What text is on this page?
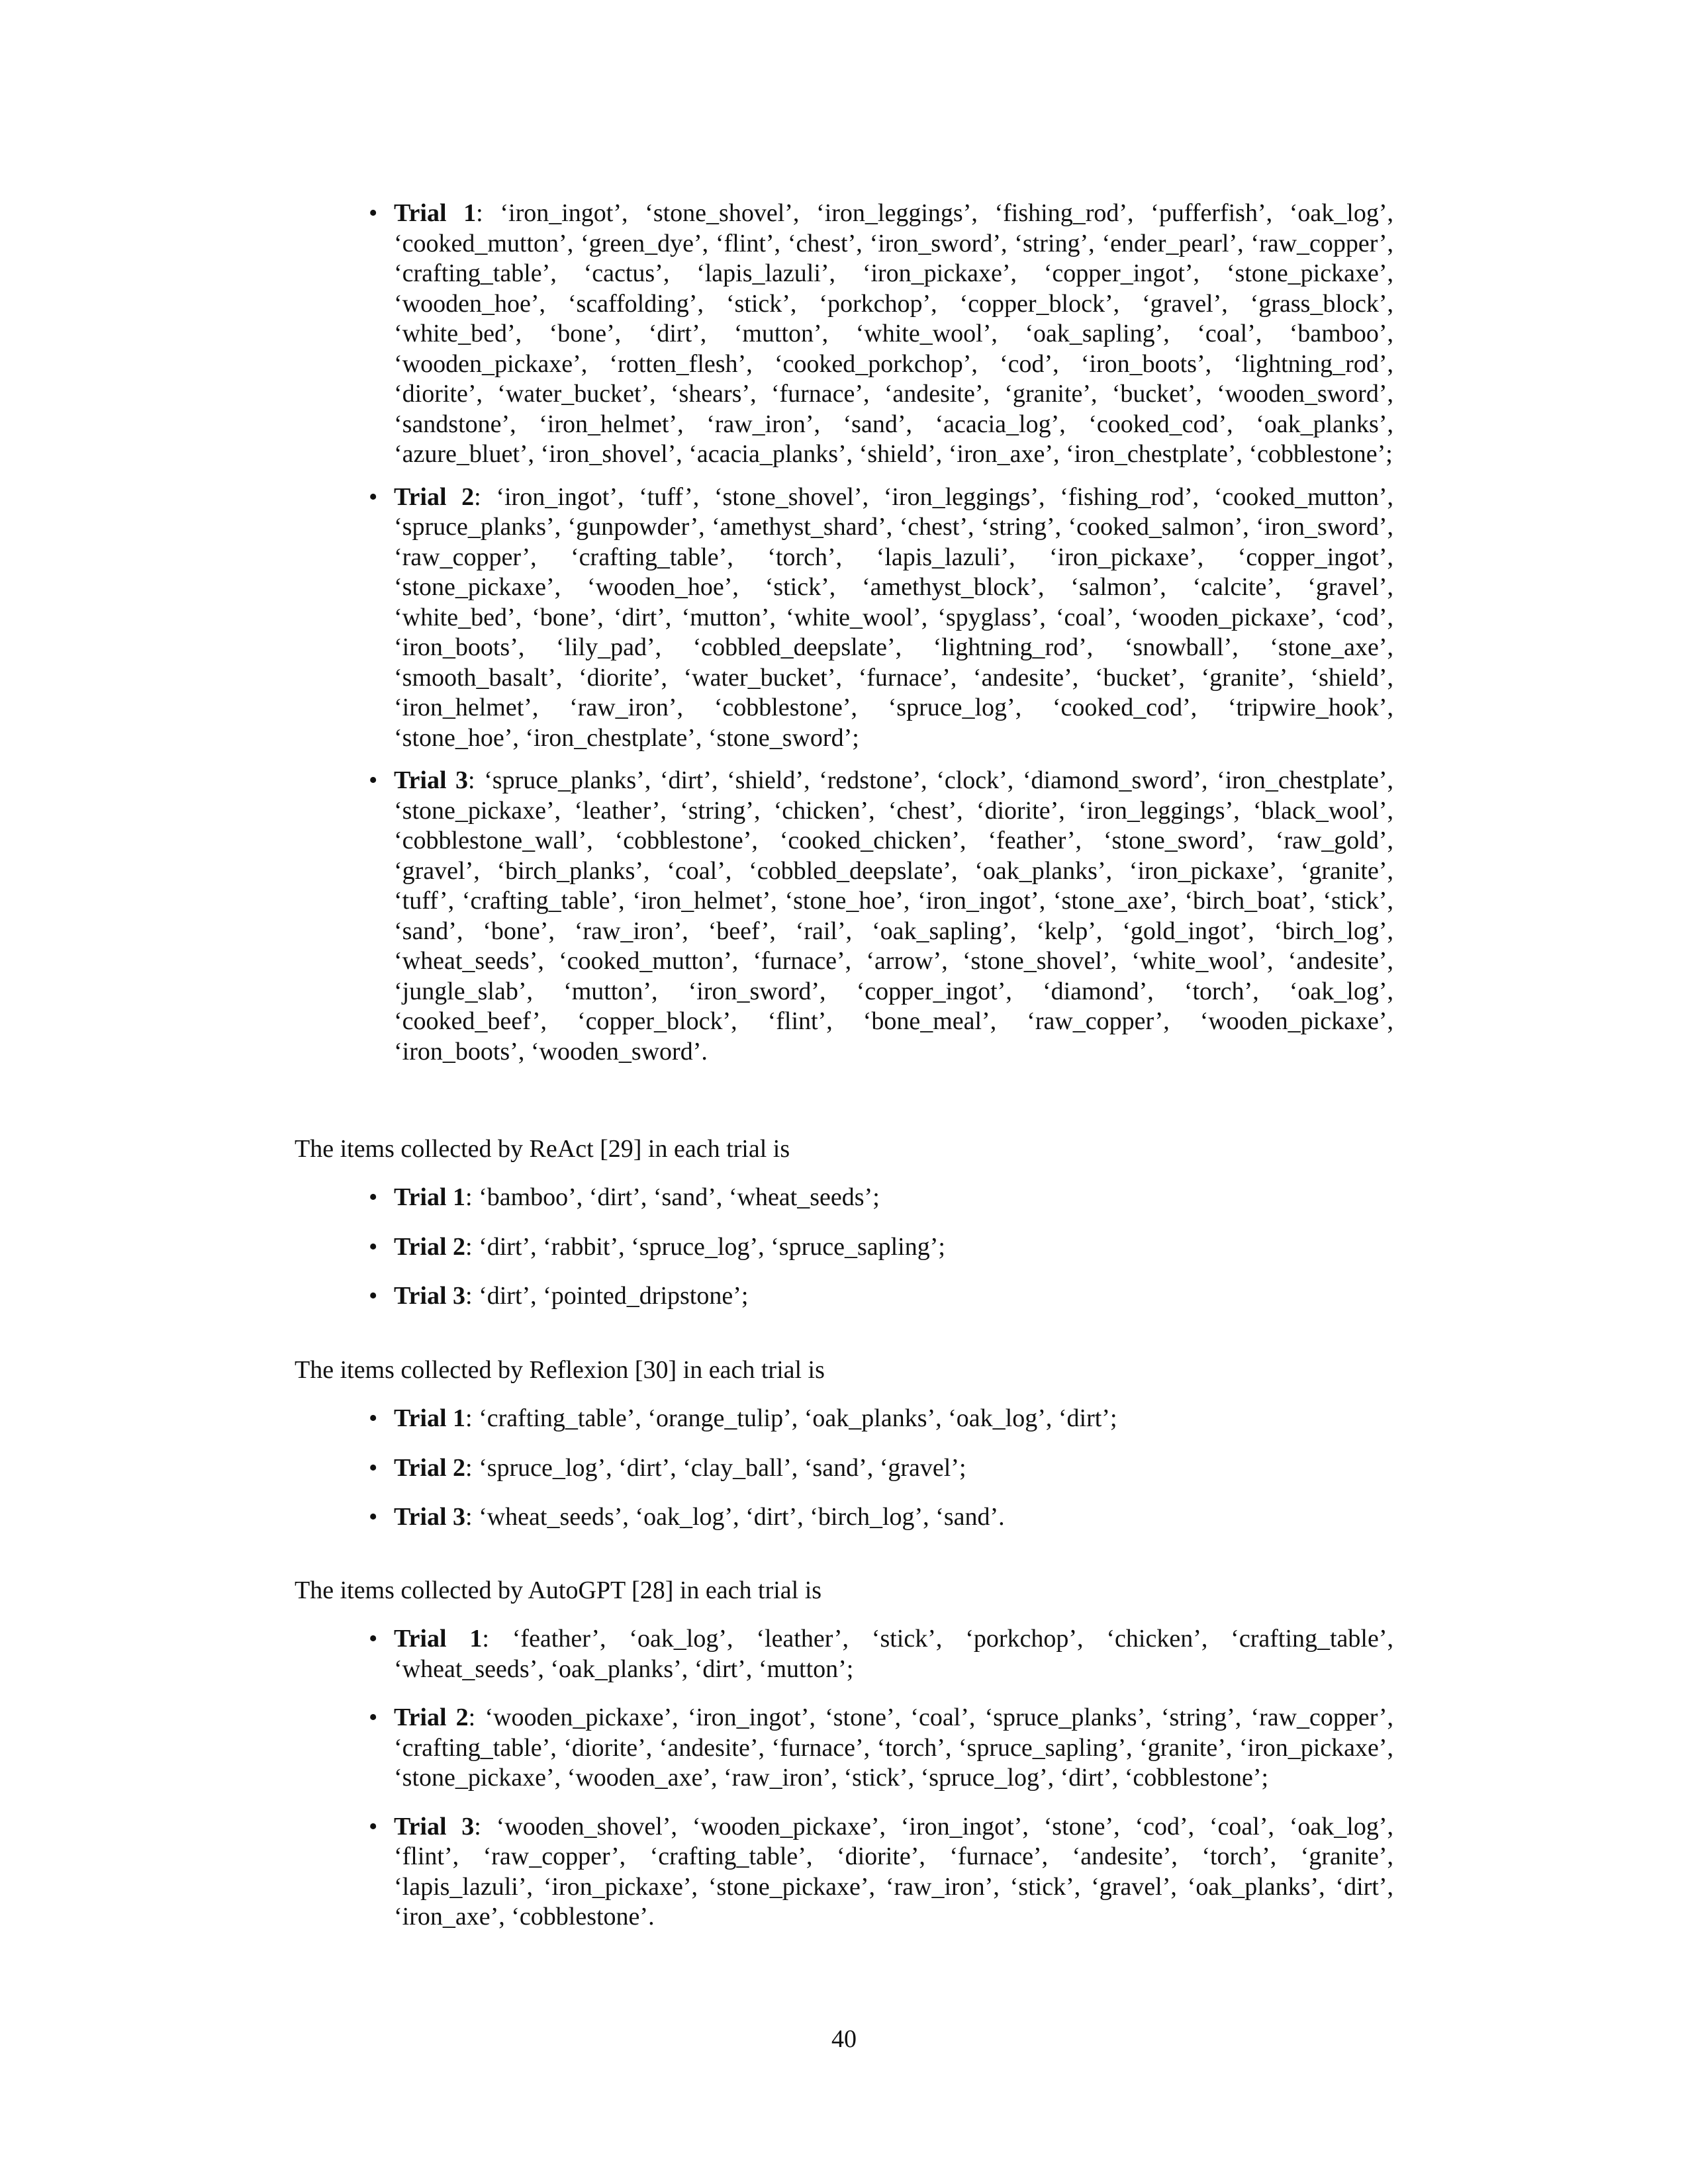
• Trial 1: ‘iron_ingot’, ‘stone_shovel’, ‘iron_leggings’, ‘fishing_rod’, ‘pufferfish’, ‘oak_log’, ‘cooked_mutton’, ‘green_dye’, ‘flint’, ‘chest’, ‘iron_sword’, ‘string’, ‘ender_pearl’, ‘raw_copper’, ‘crafting_table’, ‘cactus’, ‘lapis_lazuli’, ‘iron_pickaxe’, ‘copper_ingot’, ‘stone_pickaxe’, ‘wooden_hoe’, ‘scaffolding’, ‘stick’, ‘porkchop’, ‘copper_block’, ‘gravel’, ‘grass_block’, ‘white_bed’, ‘bone’, ‘dirt’, ‘mutton’, ‘white_wool’, ‘oak_sapling’, ‘coal’, ‘bamboo’, ‘wooden_pickaxe’, ‘rotten_flesh’, ‘cooked_porkchop’, ‘cod’, ‘iron_boots’, ‘lightning_rod’, ‘diorite’, ‘water_bucket’, ‘shears’, ‘furnace’, ‘andesite’, ‘granite’, ‘bucket’, ‘wooden_sword’, ‘sandstone’, ‘iron_helmet’, ‘raw_iron’, ‘sand’, ‘acacia_log’, ‘cooked_cod’, ‘oak_planks’, ‘azure_bluet’, ‘iron_shovel’, ‘acacia_planks’, ‘shield’, ‘iron_axe’, ‘iron_chestplate’, ‘cobblestone’;
• Trial 2: ‘iron_ingot’, ‘tuff’, ‘stone_shovel’, ‘iron_leggings’, ‘fishing_rod’, ‘cooked_mutton’, ‘spruce_planks’, ‘gunpowder’, ‘amethyst_shard’, ‘chest’, ‘string’, ‘cooked_salmon’, ‘iron_sword’, ‘raw_copper’, ‘crafting_table’, ‘torch’, ‘lapis_lazuli’, ‘iron_pickaxe’, ‘copper_ingot’, ‘stone_pickaxe’, ‘wooden_hoe’, ‘stick’, ‘amethyst_block’, ‘salmon’, ‘calcite’, ‘gravel’, ‘white_bed’, ‘bone’, ‘dirt’, ‘mutton’, ‘white_wool’, ‘spyglass’, ‘coal’, ‘wooden_pickaxe’, ‘cod’, ‘iron_boots’, ‘lily_pad’, ‘cobbled_deepslate’, ‘lightning_rod’, ‘snowball’, ‘stone_axe’, ‘smooth_basalt’, ‘diorite’, ‘water_bucket’, ‘furnace’, ‘andesite’, ‘bucket’, ‘granite’, ‘shield’, ‘iron_helmet’, ‘raw_iron’, ‘cobblestone’, ‘spruce_log’, ‘cooked_cod’, ‘tripwire_hook’, ‘stone_hoe’, ‘iron_chestplate’, ‘stone_sword’;
• Trial 3: ‘spruce_planks’, ‘dirt’, ‘shield’, ‘redstone’, ‘clock’, ‘diamond_sword’, ‘iron_chestplate’, ‘stone_pickaxe’, ‘leather’, ‘string’, ‘chicken’, ‘chest’, ‘diorite’, ‘iron_leggings’, ‘black_wool’, ‘cobblestone_wall’, ‘cobblestone’, ‘cooked_chicken’, ‘feather’, ‘stone_sword’, ‘raw_gold’, ‘gravel’, ‘birch_planks’, ‘coal’, ‘cobbled_deepslate’, ‘oak_planks’, ‘iron_pickaxe’, ‘granite’, ‘tuff’, ‘crafting_table’, ‘iron_helmet’, ‘stone_hoe’, ‘iron_ingot’, ‘stone_axe’, ‘birch_boat’, ‘stick’, ‘sand’, ‘bone’, ‘raw_iron’, ‘beef’, ‘rail’, ‘oak_sapling’, ‘kelp’, ‘gold_ingot’, ‘birch_log’, ‘wheat_seeds’, ‘cooked_mutton’, ‘furnace’, ‘arrow’, ‘stone_shovel’, ‘white_wool’, ‘andesite’, ‘jungle_slab’, ‘mutton’, ‘iron_sword’, ‘copper_ingot’, ‘diamond’, ‘torch’, ‘oak_log’, ‘cooked_beef’, ‘copper_block’, ‘flint’, ‘bone_meal’, ‘raw_copper’, ‘wooden_pickaxe’, ‘iron_boots’, ‘wooden_sword’.

The items collected by ReAct [29] in each trial is

• Trial 1: ‘bamboo’, ‘dirt’, ‘sand’, ‘wheat_seeds’;
• Trial 2: ‘dirt’, ‘rabbit’, ‘spruce_log’, ‘spruce_sapling’;
• Trial 3: ‘dirt’, ‘pointed_dripstone’;

The items collected by Reflexion [30] in each trial is

• Trial 1: ‘crafting_table’, ‘orange_tulip’, ‘oak_planks’, ‘oak_log’, ‘dirt’;
• Trial 2: ‘spruce_log’, ‘dirt’, ‘clay_ball’, ‘sand’, ‘gravel’;
• Trial 3: ‘wheat_seeds’, ‘oak_log’, ‘dirt’, ‘birch_log’, ‘sand’.

The items collected by AutoGPT [28] in each trial is

• Trial 1: ‘feather’, ‘oak_log’, ‘leather’, ‘stick’, ‘porkchop’, ‘chicken’, ‘crafting_table’, ‘wheat_seeds’, ‘oak_planks’, ‘dirt’, ‘mutton’;
• Trial 2: ‘wooden_pickaxe’, ‘iron_ingot’, ‘stone’, ‘coal’, ‘spruce_planks’, ‘string’, ‘raw_copper’, ‘crafting_table’, ‘diorite’, ‘andesite’, ‘furnace’, ‘torch’, ‘spruce_sapling’, ‘granite’, ‘iron_pickaxe’, ‘stone_pickaxe’, ‘wooden_axe’, ‘raw_iron’, ‘stick’, ‘spruce_log’, ‘dirt’, ‘cobblestone’;
• Trial 3: ‘wooden_shovel’, ‘wooden_pickaxe’, ‘iron_ingot’, ‘stone’, ‘cod’, ‘coal’, ‘oak_log’, ‘flint’, ‘raw_copper’, ‘crafting_table’, ‘diorite’, ‘furnace’, ‘andesite’, ‘torch’, ‘granite’, ‘lapis_lazuli’, ‘iron_pickaxe’, ‘stone_pickaxe’, ‘raw_iron’, ‘stick’, ‘gravel’, ‘oak_planks’, ‘dirt’, ‘iron_axe’, ‘cobblestone’.
40
